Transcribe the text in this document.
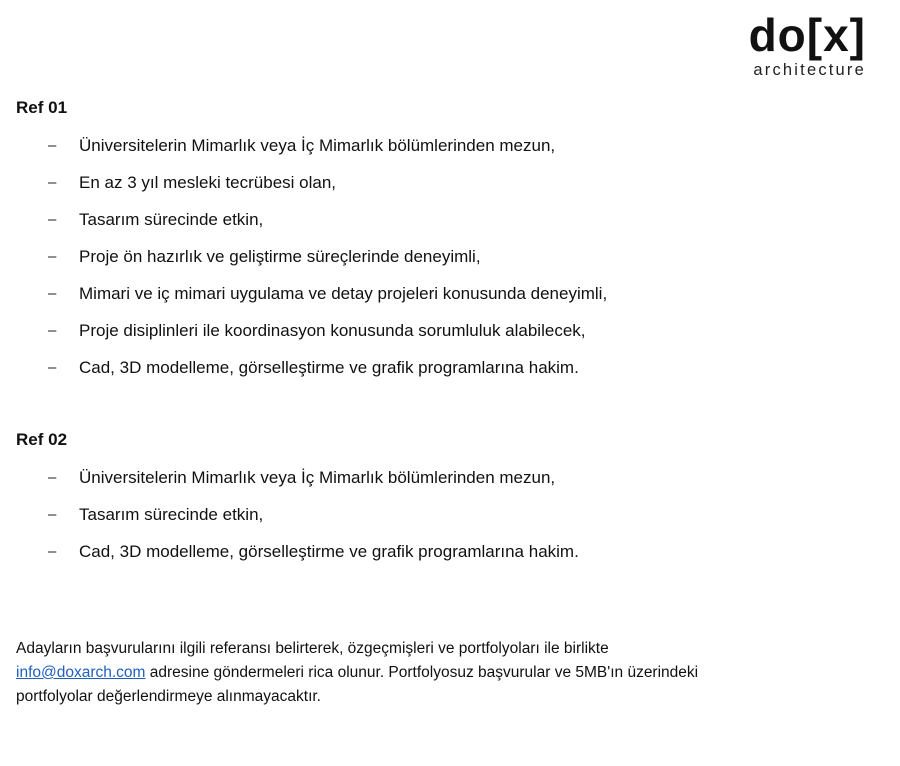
do[x]
architecture
Ref 01
–	Üniversitelerin Mimarlık veya İç Mimarlık bölümlerinden mezun,
–	En az 3 yıl mesleki tecrübesi olan,
–	Tasarım sürecinde etkin,
–	Proje ön hazırlık ve geliştirme süreçlerinde deneyimli,
–	Mimari ve iç mimari uygulama ve detay projeleri konusunda deneyimli,
–	Proje disiplinleri ile koordinasyon konusunda sorumluluk alabilecek,
–	Cad, 3D modelleme, görselleştirme ve grafik programlarına hakim.
Ref 02
–	Üniversitelerin Mimarlık veya İç Mimarlık bölümlerinden mezun,
–	Tasarım sürecinde etkin,
–	Cad, 3D modelleme, görselleştirme ve grafik programlarına hakim.

Adayların başvurularını ilgili referansı belirterek, özgeçmişleri ve portfolyoları ile birlikte

info@doxarch.com adresine göndermeleri rica olunur. Portfolyosuz başvurular ve 5MB'ın üzerindeki

portfolyolar değerlendirmeye alınmayacaktır.
